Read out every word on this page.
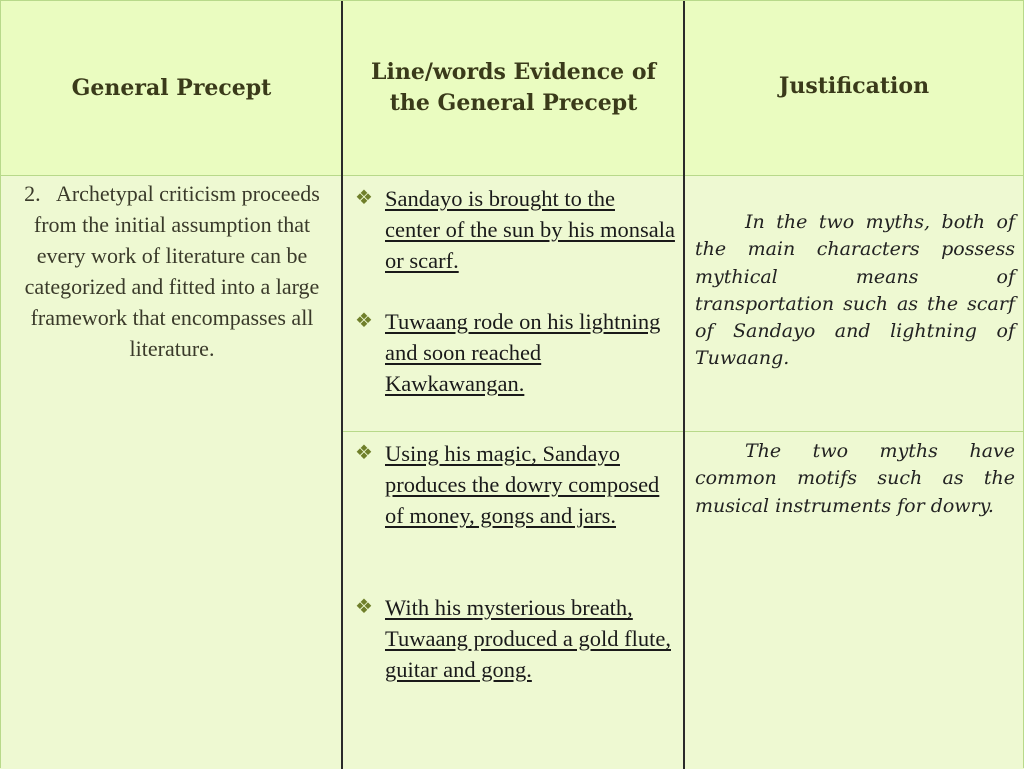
General Precept
Line/words Evidence of the General Precept
Justification
2.   Archetypal criticism proceeds from the initial assumption that every work of literature can be categorized and fitted into a large framework that encompasses all literature.
❖ Sandayo is brought to the center of the sun by his monsala or scarf.
❖ Tuwaang rode on his lightning and soon reached Kawkawangan.
In the two myths, both of the main characters possess mythical means of transportation such as the scarf of Sandayo and lightning of Tuwaang.
❖ Using his magic, Sandayo produces the dowry composed of money, gongs and jars.
❖ With his mysterious breath, Tuwaang produced a gold flute, guitar and gong.
The two myths have common motifs such as the musical instruments for dowry.
